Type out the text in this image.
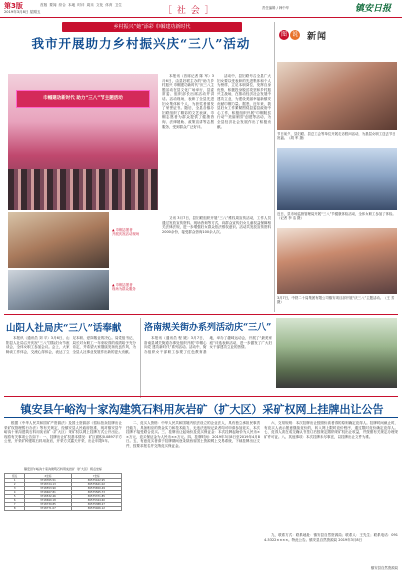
第3版
2019年3月8日 星期五
首版 要闻 综合 本地 时评 周末 文化 体育 卫生
［ 社 会 ］	责任编辑 / 韩中华	镇安日报
乡村振兴“她”添彩 巾帼建功新时代
我市开展助力乡村振兴庆“三八”活动
巾帼建功新时代 助力“三八”节主题活动
▲ 巾帼志愿者
开展庆祝活动现场
▲ 巾帼志愿者
现场为群众服务
本报讯（首席记者 陈 军）3月6日，由县妇联主办的“助力乡村振兴 巾帼建功新时代”庆三八主题活动在县文化广场举行，县委常委、组织部长出席活动并讲话。活动现场，表彰了全县先进妇女集体和个人，为获奖者颁发了荣誉证书。随后，全县各镇办妇联组织了精彩的文艺表演，巾帼志愿者为群众提供了健康咨询、法律援助、政策宣讲等志愿服务，受到群众广泛好评。
活动中，县妇联号召全县广大妇女要以受表彰的先进集体和个人为榜样，立足本职岗位，发挥自身优势，积极投身脱贫攻坚和乡村振兴主战场，在推动经济社会发展中建功立业，为建设美丽幸福新镇安贡献巾帼力量。据悉，近年来，我县妇女工作紧紧围绕县委县政府中心工作，积极组织开展“巾帼脱贫行动”“美丽家园”创建等活动，为全县经济社会发展作出了积极贡献。
又讯 3月7日，县妇联组织开展“三八”维权周宣传活动，工作人员通过发放宣传资料、现场咨询等方式，向群众宣传妇女儿童权益保障相关法律法规，进一步增强妇女群众依法维权意识。活动共发放宣传资料2000余份，接受群众咨询100余人次。
图 说 新闻
节日前夕，县妇联、县总工会等单位开展走访慰问活动，为基层女职工送去节日祝福。（胡 军 摄）
近日，县市场监督管理局开展“三八”节健康体检活动，全体女职工参加了体检。（记者 李 洁 摄）
3月7日，中铁二十局集团有限公司镇安项目部开展“庆三八”主题活动。（王 芳 摄）
山阳人社局庆“三八”话奉献
本报讯（通讯员 刘 平）3月6日，山阳县人社局召开庆祝“三八”国际妇女节座谈会，全体女职工参加会议。会上，大家畅谈工作体会，交流心得体会，表达了立足本职、爱岗敬业的决心。局党组书记、局长对女职工一年来取得的成绩给予充分肯定，并希望大家继续发扬优良作风，为全县人社事业发展作出新的更大贡献。
洛南规关街办系列活动庆“三八”
本报讯（通讯员 程 媛）3月7日，洛南县城关街道办事处组织开展“巾帼心向党 建功新时代”系列活动。活动中，街办组织女干部职工参观了红色教育基地，举办了趣味运动会，开展了“最美家庭”评选表彰活动，进一步激发了广大妇女干部建功立业的热情。
镇安县午峪沟十家沟建筑石料用灰岩矿（扩大区）采矿权网上挂牌出让公告
根据《中华人民共和国矿产资源法》及国土资源部《招标拍卖挂牌出让采矿权管理暂行办法》等有关规定，经镇安县人民政府批准，现对镇安县午峪沟十家沟建筑石料用灰岩矿（扩大区）采矿权以网上挂牌方式公开出让。现将有关事项公告如下：一、挂牌出让矿权基本情况：矿区面积0.0897平方公里，开采矿种建筑石料用灰岩，开采方式露天开采，出让年限5年。
镇安县午峪沟十家沟建筑石料用灰岩矿（扩大区）拐点坐标
拐点	X坐标	Y坐标
1	3718765.51	36575422.95
2	3718724.13	36575621.02
3	3718553.90	36575650.49
4	3718467.81	36575565.73
5	3718532.46	36575371.85
6	3718690.18	36575344.60
7	3718739.85	36575388.27
8	3718771.07	36575406.12
二、竞买人资格：中华人民共和国境内依法设立的企业法人，具有独立承担民事责任能力，具备相应的资金实力和技术能力，无违法违规记录者均可申请参加竞买，本次挂牌不接受联合竞买。三、挂牌出让起始价及竞买保证金：本次挂牌起始价为人民币××万元，竞买保证金为人民币××万元。四、挂牌时间：2019年3月8日至2019年4月8日。五、有意竞买者请于挂牌期间登录陕西省国土资源网上交易系统，下载挂牌出让文件，按要求报名并交纳竞买保证金。
六、交易规则：本次挂牌出让按照价高者得的原则确定竞得人。挂牌时间截止时，有竞买人表示愿意继续竞价的，转入网上限时竞价程序，通过限时竞价确定竞得人。七、竞得人须在成交确认书签订后按规定缴纳采矿权出让收益，并按照有关规定办理采矿许可证。八、其他事项：本次挂牌未尽事宜，以挂牌出让文件为准。
九、联系方式：联系地址：镇安县自然资源局；联系人：王先生；联系电话：0914-5322××××。特此公告。镇安县自然资源局 2019年3月8日
镇安县自然资源局
